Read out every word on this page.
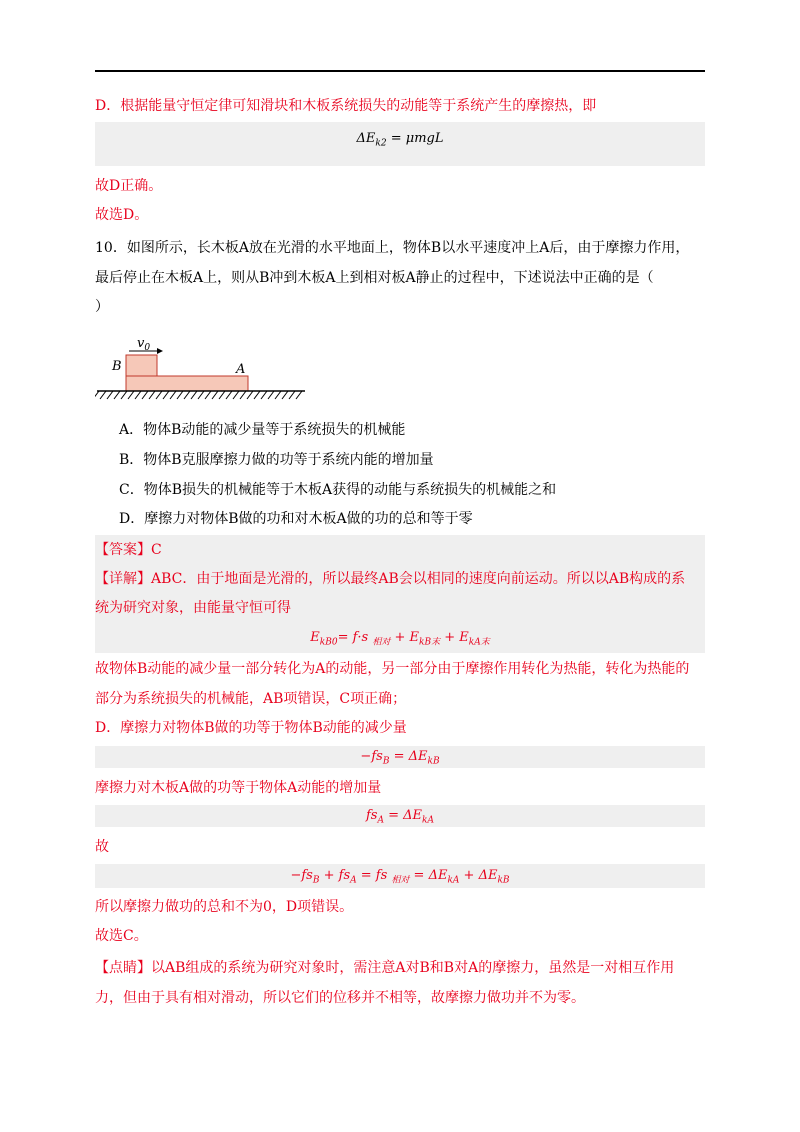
D．根据能量守恒定律可知滑块和木板系统损失的动能等于系统产生的摩擦热，即
$\Delta E_{k2} = \mu mgL$
故D正确。
故选D。
10．如图所示，长木板A放在光滑的水平地面上，物体B以水平速度冲上A后，由于摩擦力作用，
最后停止在木板A上，则从B冲到木板A上到相对板A静止的过程中，下述说法中正确的是（
）
$v_0$
B	A
A．物体B动能的减少量等于系统损失的机械能
B．物体B克服摩擦力做的功等于系统内能的增加量
C．物体B损失的机械能等于木板A获得的动能与系统损失的机械能之和
D．摩擦力对物体B做的功和对木板A做的功的总和等于零
【答案】C
【详解】ABC．由于地面是光滑的，所以最终AB会以相同的速度向前运动。所以以AB构成的系
统为研究对象，由能量守恒可得
$E_{kB0}= f\cdot s$ $_{相对} + E_{kB末} + E_{kA末}$
故物体B动能的减少量一部分转化为A的动能，另一部分由于摩擦作用转化为热能，转化为热能的
部分为系统损失的机械能，AB项错误，C项正确；
D．摩擦力对物体B做的功等于物体B动能的减少量
$-fs_B = \Delta E_{kB}$
摩擦力对木板A做的功等于物体A动能的增加量
$fs_A = \Delta E_{kA}$
故
$-fs_B + fs_A$ = fs $_{相对} = \Delta E_{kA} + \Delta E_{kB}$
所以摩擦力做功的总和不为0，D项错误。
故选C。
【点睛】以AB组成的系统为研究对象时，需注意A对B和B对A的摩擦力，虽然是一对相互作用
力，但由于具有相对滑动，所以它们的位移并不相等，故摩擦力做功并不为零。
